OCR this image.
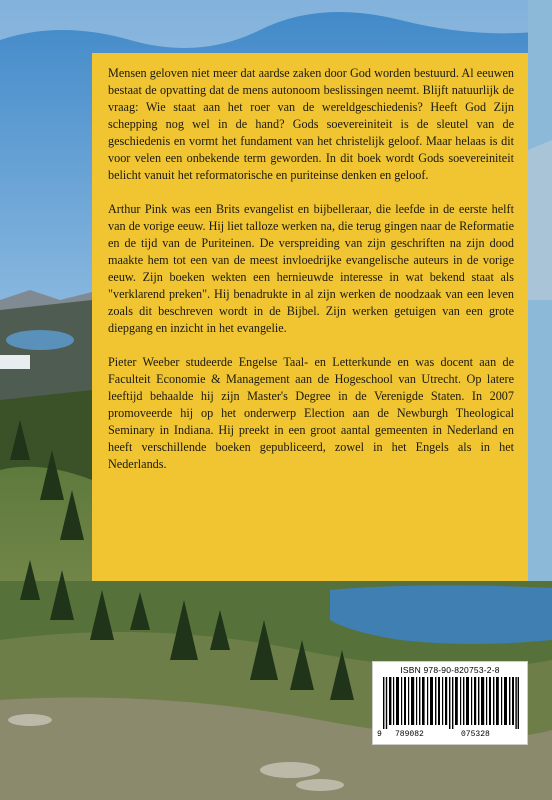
Mensen geloven niet meer dat aardse zaken door God worden bestuurd. Al eeuwen bestaat de opvatting dat de mens autonoom beslissingen neemt. Blijft natuurlijk de vraag: Wie staat aan het roer van de wereldgeschiedenis? Heeft God Zijn schepping nog wel in de hand? Gods soevereiniteit is de sleutel van de geschiedenis en vormt het fundament van het christelijk geloof. Maar helaas is dit voor velen een onbekende term geworden. In dit boek wordt Gods soevereiniteit belicht vanuit het reformatorische en puriteinse denken en geloof.

Arthur Pink was een Brits evangelist en bijbelleraar, die leefde in de eerste helft van de vorige eeuw. Hij liet talloze werken na, die terug gingen naar de Reformatie en de tijd van de Puriteinen. De verspreiding van zijn geschriften na zijn dood maakte hem tot een van de meest invloedrijke evangelische auteurs in de vorige eeuw. Zijn boeken wekten een hernieuwde interesse in wat bekend staat als "verklarend preken". Hij benadrukte in al zijn werken de noodzaak van een leven zoals dit beschreven wordt in de Bijbel. Zijn werken getuigen van een grote diepgang en inzicht in het evangelie.

Pieter Weeber studeerde Engelse Taal- en Letterkunde en was docent aan de Faculteit Economie & Management aan de Hogeschool van Utrecht. Op latere leeftijd behaalde hij zijn Master's Degree in de Verenigde Staten. In 2007 promoveerde hij op het onderwerp Election aan de Newburgh Theological Seminary in Indiana. Hij preekt in een groot aantal gemeenten in Nederland en heeft verschillende boeken gepubliceerd, zowel in het Engels als in het Nederlands.

ISBN 978-90-820753-2-8
9 789082	075328
